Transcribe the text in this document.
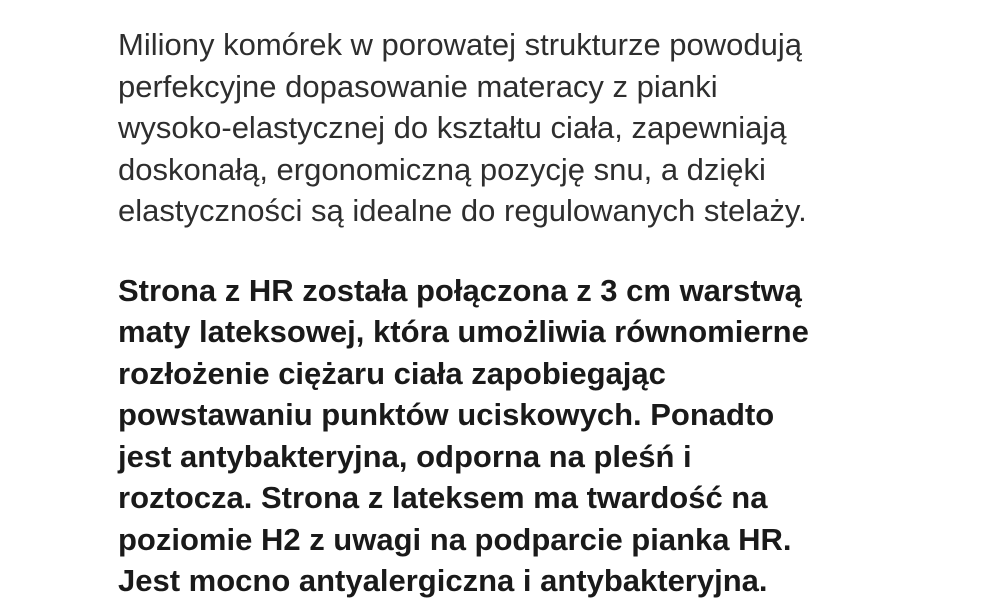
Miliony komórek w porowatej strukturze powodują
perfekcyjne dopasowanie materacy z pianki
wysoko-elastycznej do kształtu ciała, zapewniają
doskonałą, ergonomiczną pozycję snu, a dzięki
elastyczności są idealne do regulowanych stelaży.

Strona z HR została połączona z 3 cm warstwą
maty lateksowej, która umożliwia równomierne
rozłożenie ciężaru ciała zapobiegając
powstawaniu punktów uciskowych. Ponadto
jest antybakteryjna, odporna na pleśń i
roztocza. Strona z lateksem ma twardość na
poziomie H2 z uwagi na podparcie pianka HR.
Jest mocno antyalergiczna i antybakteryjna.
